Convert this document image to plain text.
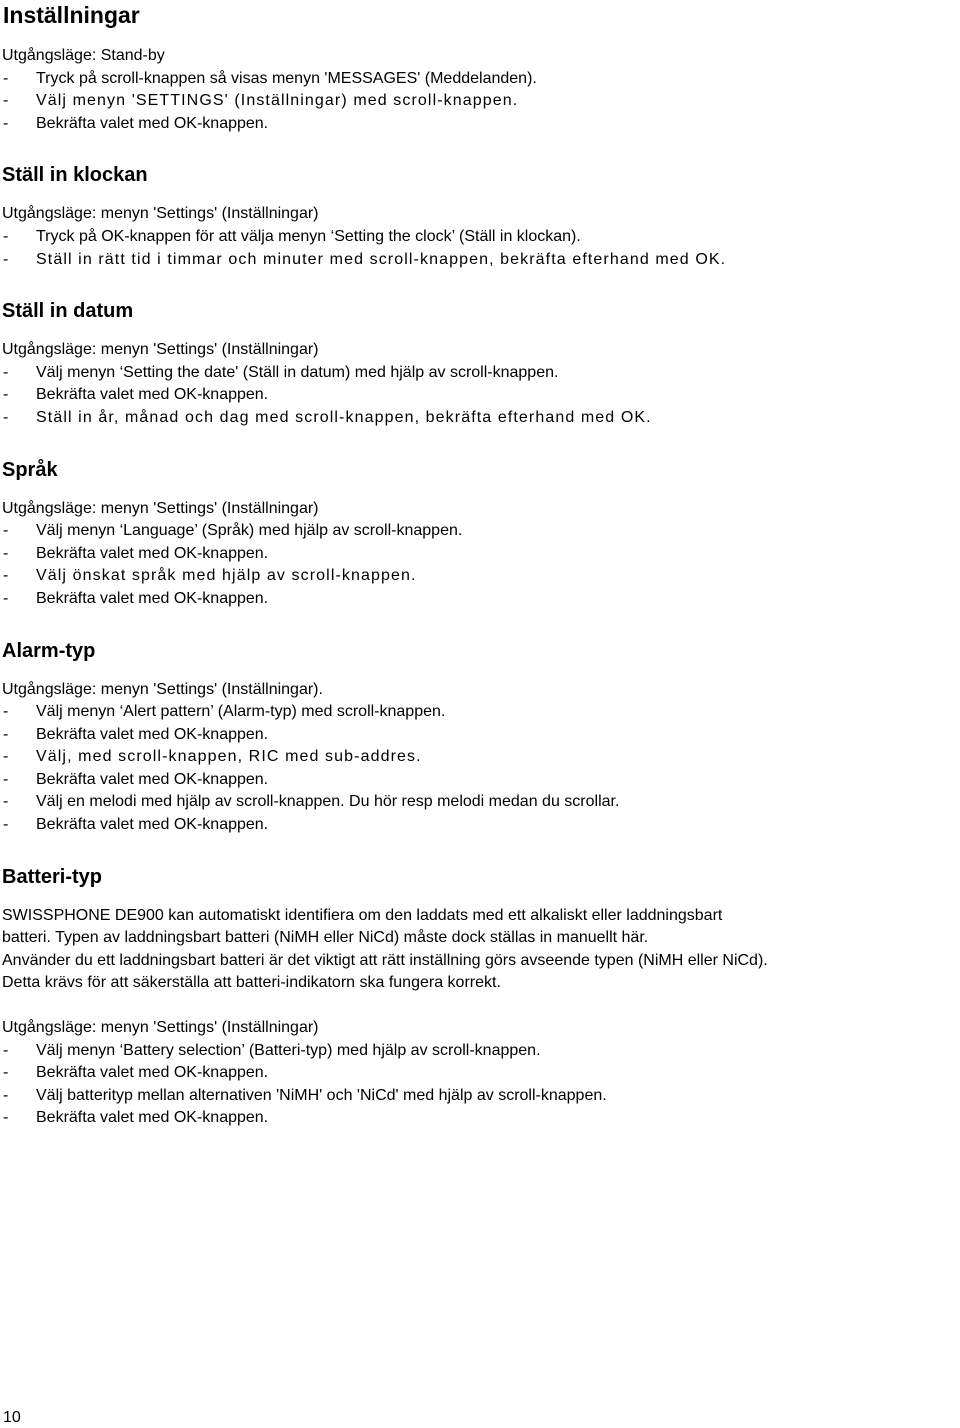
Inställningar
Utgångsläge: Stand-by
- Tryck på scroll-knappen så visas menyn 'MESSAGES' (Meddelanden).
- Välj menyn 'SETTINGS' (Inställningar) med scroll-knappen.
- Bekräfta valet med OK-knappen.
Ställ in klockan
Utgångsläge: menyn 'Settings' (Inställningar)
- Tryck på OK-knappen för att välja menyn ‘Setting the clock’ (Ställ in klockan).
- Ställ in rätt tid i timmar och minuter med scroll-knappen, bekräfta efterhand med OK.
Ställ in datum
Utgångsläge: menyn 'Settings' (Inställningar)
- Välj menyn ‘Setting the date' (Ställ in datum) med hjälp av scroll-knappen.
- Bekräfta valet med OK-knappen.
- Ställ in år, månad och dag med scroll-knappen, bekräfta efterhand med OK.
Språk
Utgångsläge: menyn 'Settings' (Inställningar)
- Välj menyn ‘Language’ (Språk) med hjälp av scroll-knappen.
- Bekräfta valet med OK-knappen.
- Välj önskat språk med hjälp av scroll-knappen.
- Bekräfta valet med OK-knappen.
Alarm-typ
Utgångsläge: menyn 'Settings' (Inställningar).
- Välj menyn ‘Alert pattern’ (Alarm-typ) med scroll-knappen.
- Bekräfta valet med OK-knappen.
- Välj, med scroll-knappen, RIC med sub-addres.
- Bekräfta valet med OK-knappen.
- Välj en melodi med hjälp av scroll-knappen. Du hör resp melodi medan du scrollar.
- Bekräfta valet med OK-knappen.
Batteri-typ
SWISSPHONE DE900 kan automatiskt identifiera om den laddats med ett alkaliskt eller laddningsbart
batteri. Typen av laddningsbart batteri (NiMH eller NiCd) måste dock ställas in manuellt här.
Använder du ett laddningsbart batteri är det viktigt att rätt inställning görs avseende typen (NiMH eller NiCd).
Detta krävs för att säkerställa att batteri-indikatorn ska fungera korrekt.
Utgångsläge: menyn 'Settings' (Inställningar)
- Välj menyn ‘Battery selection’ (Batteri-typ) med hjälp av scroll-knappen.
- Bekräfta valet med OK-knappen.
- Välj batterityp mellan alternativen 'NiMH' och 'NiCd' med hjälp av scroll-knappen.
- Bekräfta valet med OK-knappen.
10
